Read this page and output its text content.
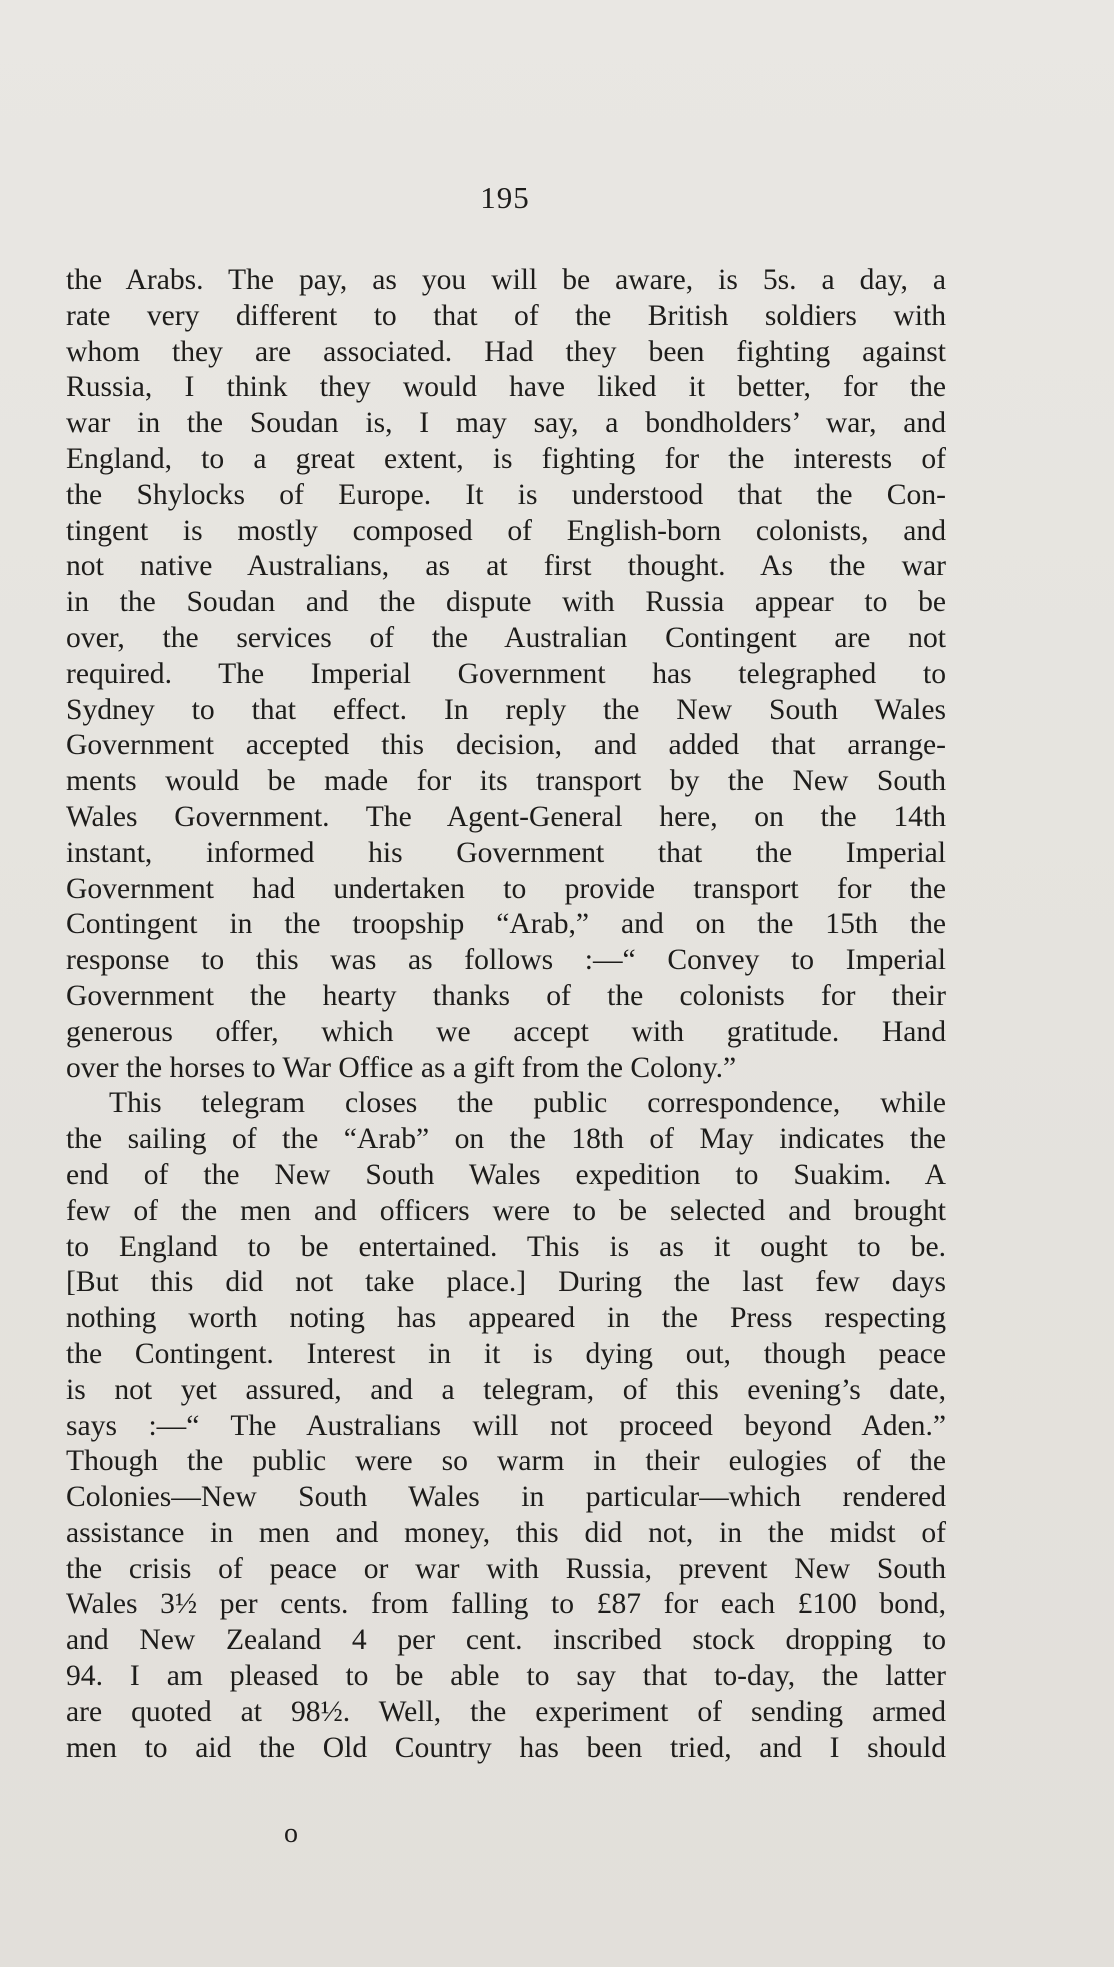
195
the Arabs. The pay, as you will be aware, is 5s. a day, a
rate very different to that of the British soldiers with
whom they are associated. Had they been fighting against
Russia, I think they would have liked it better, for the
war in the Soudan is, I may say, a bondholders’ war, and
England, to a great extent, is fighting for the interests of
the Shylocks of Europe. It is understood that the Con-
tingent is mostly composed of English-born colonists, and
not native Australians, as at first thought. As the war
in the Soudan and the dispute with Russia appear to be
over, the services of the Australian Contingent are not
required. The Imperial Government has telegraphed to
Sydney to that effect. In reply the New South Wales
Government accepted this decision, and added that arrange-
ments would be made for its transport by the New South
Wales Government. The Agent-General here, on the 14th
instant, informed his Government that the Imperial
Government had undertaken to provide transport for the
Contingent in the troopship “Arab,” and on the 15th the
response to this was as follows :—“ Convey to Imperial
Government the hearty thanks of the colonists for their
generous offer, which we accept with gratitude. Hand
over the horses to War Office as a gift from the Colony.”
This telegram closes the public correspondence, while
the sailing of the “Arab” on the 18th of May indicates the
end of the New South Wales expedition to Suakim. A
few of the men and officers were to be selected and brought
to England to be entertained. This is as it ought to be.
[But this did not take place.] During the last few days
nothing worth noting has appeared in the Press respecting
the Contingent. Interest in it is dying out, though peace
is not yet assured, and a telegram, of this evening’s date,
says :—“ The Australians will not proceed beyond Aden.”
Though the public were so warm in their eulogies of the
Colonies—New South Wales in particular—which rendered
assistance in men and money, this did not, in the midst of
the crisis of peace or war with Russia, prevent New South
Wales 3½ per cents. from falling to £87 for each £100 bond,
and New Zealand 4 per cent. inscribed stock dropping to
94. I am pleased to be able to say that to-day, the latter
are quoted at 98½. Well, the experiment of sending armed
men to aid the Old Country has been tried, and I should
o
